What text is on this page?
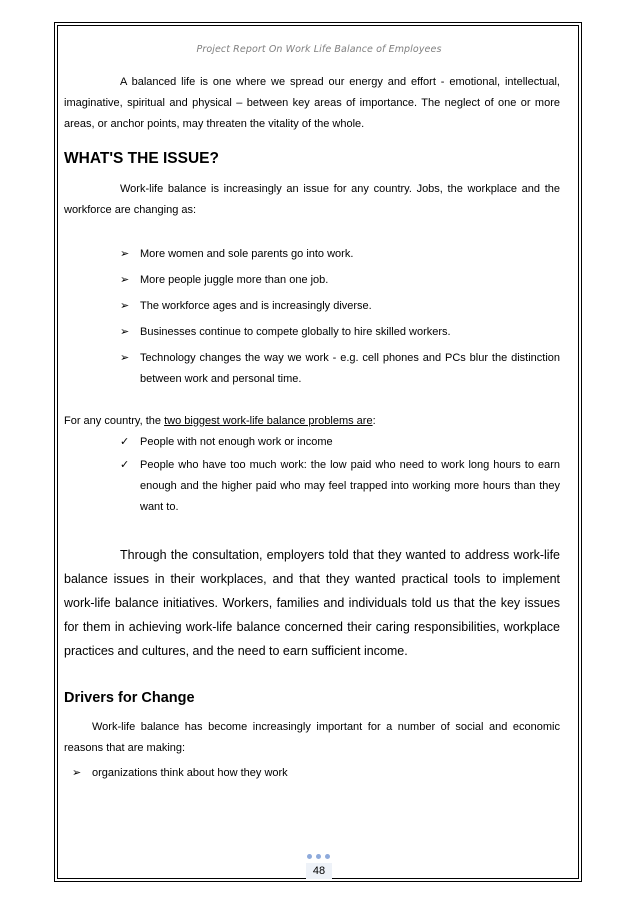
Project Report On Work Life Balance of Employees

A balanced life is one where we spread our energy and effort - emotional, intellectual, imaginative, spiritual and physical – between key areas of importance. The neglect of one or more areas, or anchor points, may threaten the vitality of the whole.

WHAT'S THE ISSUE?

Work-life balance is increasingly an issue for any country. Jobs, the workplace and the workforce are changing as:

➢ More women and sole parents go into work.
➢ More people juggle more than one job.
➢ The workforce ages and is increasingly diverse.
➢ Businesses continue to compete globally to hire skilled workers.
➢ Technology changes the way we work - e.g. cell phones and PCs blur the distinction between work and personal time.

For any country, the two biggest work-life balance problems are:

✓ People with not enough work or income
✓ People who have too much work: the low paid who need to work long hours to earn enough and the higher paid who may feel trapped into working more hours than they want to.

Through the consultation, employers told that they wanted to address work-life balance issues in their workplaces, and that they wanted practical tools to implement work-life balance initiatives. Workers, families and individuals told us that the key issues for them in achieving work-life balance concerned their caring responsibilities, workplace practices and cultures, and the need to earn sufficient income.

Drivers for Change

Work-life balance has become increasingly important for a number of social and economic reasons that are making:

➢ organizations think about how they work
48
